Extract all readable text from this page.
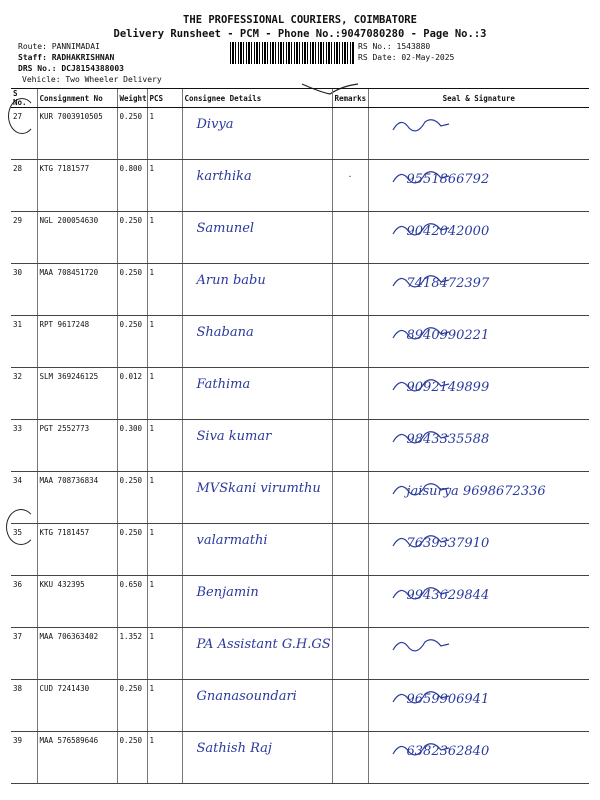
THE PROFESSIONAL COURIERS, COIMBATORE
Delivery Runsheet - PCM - Phone No.:9047080280 - Page No.:3
Route: PANNIMADAI
Staff: RADHAKRISHNAN
DRS No.: DCJ8154388003
Vehicle: Two Wheeler Delivery
RS No.: 1543880
RS Date: 02-May-2025
S No.	Consignment No	Weight	PCS	Consignee Details	Remarks	Seal & Signature
27	KUR 7003910505	0.250	1	Divya		

28	KTG 7181577	0.800	1	karthika	·	9551866792

29	NGL 200054630	0.250	1	Samunel		9042042000

30	MAA 708451720	0.250	1	Arun babu		7418472397

31	RPT 9617248	0.250	1	Shabana		8940990221

32	SLM 369246125	0.012	1	Fathima		9092149899

33	PGT 2552773	0.300	1	Siva kumar		9843335588

34	MAA 708736834	0.250	1	MVSkani virumthu		jaisurya 9698672336

35	KTG 7181457	0.250	1	valarmathi		7639337910

36	KKU 432395	0.650	1	Benjamin		9943629844

37	MAA 706363402	1.352	1	PA Assistant G.H.GS		

38	CUD 7241430	0.250	1	Gnanasoundari		9659906941

39	MAA 576589646	0.250	1	Sathish Raj		6382362840
